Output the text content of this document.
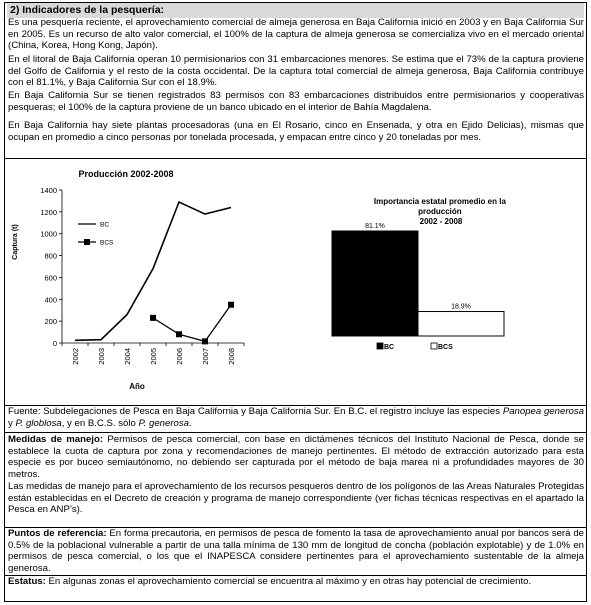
2) Indicadores de la pesquería:

Es una pesquería reciente, el aprovechamiento comercial de almeja generosa en Baja California inició en 2003 y en Baja California Sur en 2005. Es un recurso de alto valor comercial, el 100% de la captura de almeja generosa se comercializa vivo en el mercado oriental (China, Korea, Hong Kong, Japón).

En el litoral de Baja California operan 10 permisionarios con 31 embarcaciones menores. Se estima que el 73% de la captura proviene del Golfo de California y el resto de la costa occidental. De la captura total comercial de almeja generosa, Baja California contribuye con el 81.1%, y Baja California Sur con el 18.9%.

En Baja California Sur se tienen registrados 83 permisos con 83 embarcaciones distribuidos entre permisionarios y cooperativas pesqueras; el 100% de la captura proviene de un banco ubicado en el interior de Bahía Magdalena.

En Baja California hay siete plantas procesadoras (una en El Rosario, cinco en Ensenada, y otra en Ejido Delicias), mismas que ocupan en promedio a cinco personas por tonelada procesada, y empacan entre cinco y 20 toneladas por mes.

Producción 2002-2008
Captura (t)
Año
0
200
400
600
800
1000
1200
1400
2002 2003 2004 2005 2006 2007 2008
BC
BCS
Importancia estatal promedio en la producción 2002 - 2008
81.1%
18.9%
BC	BCS

Fuente: Subdelegaciones de Pesca en Baja California y Baja California Sur. En B.C. el registro incluye las especies Panopea generosa y P. globlosa, y en B.C.S. sólo P. generosa.

Medidas de manejo: Permisos de pesca comercial, con base en dictámenes técnicos del Instituto Nacional de Pesca, donde se establece la cuota de captura por zona y recomendaciones de manejo pertinentes. El método de extracción autorizado para esta especie es por buceo semiautónomo, no debiendo ser capturada por el método de baja marea ni a profundidades mayores de 30 metros.

Las medidas de manejo para el aprovechamiento de los recursos pesqueros dentro de los polígonos de las Areas Naturales Protegidas están establecidas en el Decreto de creación y programa de manejo correspondiente (ver fichas técnicas respectivas en el apartado la Pesca en ANP’s).

Puntos de referencia: En forma precautoria, en permisos de pesca de fomento la tasa de aprovechamiento anual por bancos será de 0.5% de la poblacional vulnerable a partir de una talla mínima de 130 mm de longitud de concha (población explotable) y de 1.0% en permisos de pesca comercial, o los que el INAPESCA considere pertinentes para el aprovechamiento sustentable de la almeja generosa.

Estatus: En algunas zonas el aprovechamiento comercial se encuentra al máximo y en otras hay potencial de crecimiento.
